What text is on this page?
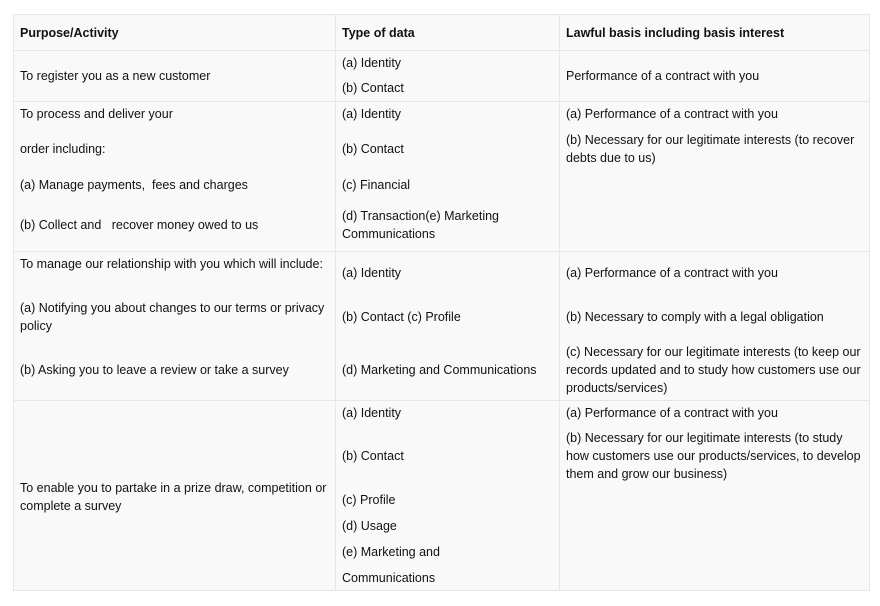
Purpose/Activity	Type of data	Lawful basis including basis interest
To register you as a new customer
(a) Identity
(b) Contact
Performance of a contract with you
To process and deliver your
order including:
(a) Manage payments,  fees and charges
(b) Collect and   recover money owed to us
(a) Identity
(b) Contact
(c) Financial
(d) Transaction(e) Marketing Communications
(a) Performance of a contract with you
(b) Necessary for our legitimate interests (to recover debts due to us)
To manage our relationship with you which will include:
(a) Notifying you about changes to our terms or privacy policy
(b) Asking you to leave a review or take a survey
(a) Identity
(b) Contact (c) Profile
(d) Marketing and Communications
(a) Performance of a contract with you
(b) Necessary to comply with a legal obligation
(c) Necessary for our legitimate interests (to keep our records updated and to study how customers use our products/services)
To enable you to partake in a prize draw, competition or complete a survey
(a) Identity
(b) Contact
(c) Profile
(d) Usage
(e) Marketing and
Communications
(a) Performance of a contract with you
(b) Necessary for our legitimate interests (to study how customers use our products/services, to develop them and grow our business)
